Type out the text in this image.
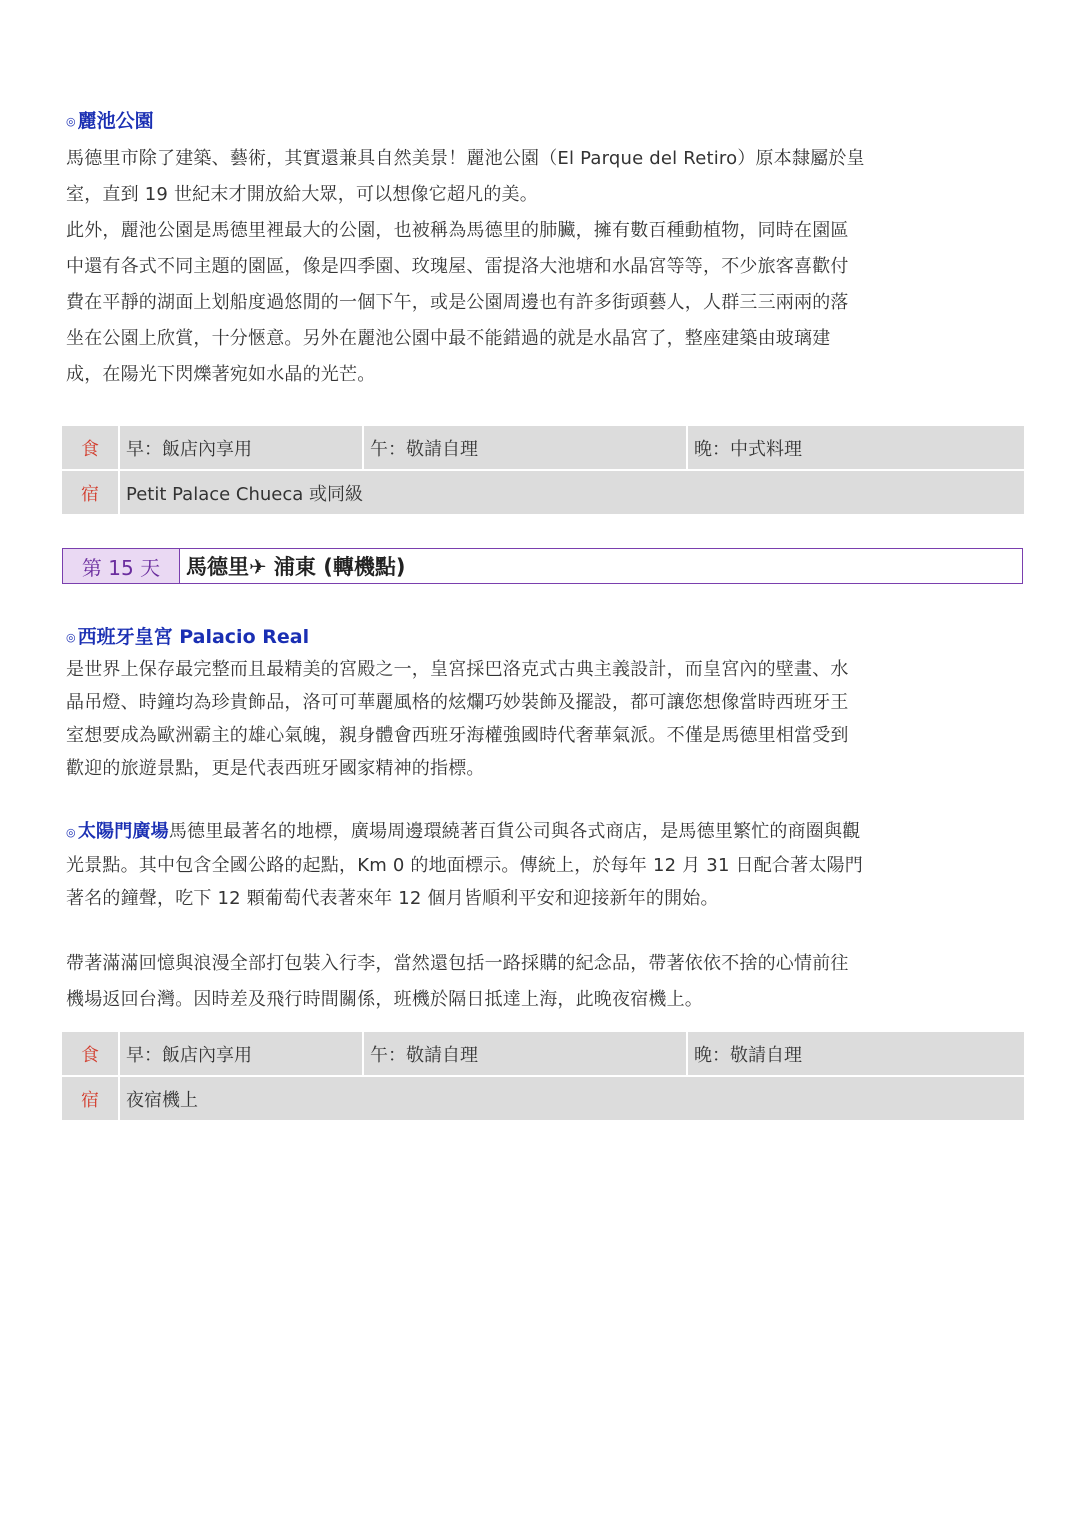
◎ 麗池公園

馬德里市除了建築、藝術，其實還兼具自然美景！麗池公園（El Parque del Retiro）原本隸屬於皇
室，直到 19 世紀末才開放給大眾，可以想像它超凡的美。
此外，麗池公園是馬德里裡最大的公園，也被稱為馬德里的肺臟，擁有數百種動植物，同時在園區
中還有各式不同主題的園區，像是四季園、玫瑰屋、雷提洛大池塘和水晶宮等等，不少旅客喜歡付
費在平靜的湖面上划船度過悠閒的一個下午，或是公園周邊也有許多街頭藝人，人群三三兩兩的落
坐在公園上欣賞，十分愜意。另外在麗池公園中最不能錯過的就是水晶宮了，整座建築由玻璃建
成，在陽光下閃爍著宛如水晶的光芒。

食	早：飯店內享用	午：敬請自理	晚：中式料理
宿	Petit Palace Chueca 或同級		
第 15 天	馬德里✈ 浦東 (轉機點)

◎ 西班牙皇宮 Palacio Real

是世界上保存最完整而且最精美的宮殿之一，皇宮採巴洛克式古典主義設計，而皇宮內的壁畫、水
晶吊燈、時鐘均為珍貴飾品，洛可可華麗風格的炫爛巧妙裝飾及擺設，都可讓您想像當時西班牙王
室想要成為歐洲霸主的雄心氣魄，親身體會西班牙海權強國時代奢華氣派。不僅是馬德里相當受到
歡迎的旅遊景點，更是代表西班牙國家精神的指標。

◎ 太陽門廣場馬德里最著名的地標，廣場周邊環繞著百貨公司與各式商店，是馬德里繁忙的商圈與觀
光景點。其中包含全國公路的起點，Km 0 的地面標示。傳統上，於每年 12 月 31 日配合著太陽門
著名的鐘聲，吃下 12 顆葡萄代表著來年 12 個月皆順利平安和迎接新年的開始。

帶著滿滿回憶與浪漫全部打包裝入行李，當然還包括一路採購的紀念品，帶著依依不捨的心情前往
機場返回台灣。因時差及飛行時間關係，班機於隔日抵達上海，此晚夜宿機上。

食	早：飯店內享用	午：敬請自理	晚：敬請自理
宿	夜宿機上		
